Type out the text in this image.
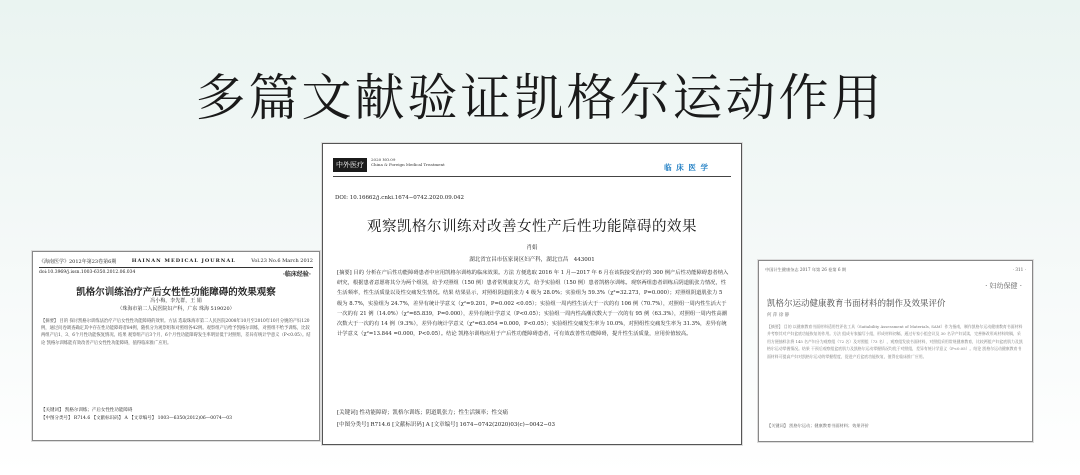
多篇文献验证凯格尔运动作用
《海南医学》2012年第23卷第6期	HAINAN MEDICAL JOURNAL	Vol.23 No.6 March 2012
doi:10.3969/j.issn.1003-6350.2012.06.034	·临床经验·
凯格尔训练治疗产后女性性功能障碍的效果观察
冯小梅，李先群，王 娟
（珠海市第二人民医院妇产科，广东 珠海 519020）
【摘要】 目的 探讨凯格尔训练法治疗产后女性性功能障碍的效果。方法 选取珠海市第二人民医院2008年10月至2010年10月分娩的产妇120例，通过问卷调查确定其中存在性功能障碍者84例，随机分为观察组和对照组各42例。观察组产后给予凯格尔训练，对照组不给予训练，比较两组产后1、3、6个月性功能恢复情况。结果 观察组产后3个月、6个月性功能障碍发生率明显低于对照组，差异有统计学意义（P<0.05）。结论 凯格尔训练能有效改善产后女性性功能障碍，值得临床推广应用。
【关键词】 凯格尔训练；产后女性性功能障碍
【中图分类号】 R714.6 【文献标识码】 A 【文章编号】 1003—6350(2012)06—0074—03
中外医疗
2020 NO.09
China & Foreign Medical Treatment	临 床 医 学
DOI: 10.16662/j.cnki.1674−0742.2020.09.042
观察凯格尔训练对改善女性产后性功能障碍的效果
肖娟
湖北省宜昌市伍家岗区妇产科，湖北宜昌　443001
[摘要] 目的 分析在产后性功能障碍患者中应用凯格尔训练的临床效果。方法 方便选取 2016 年 1 月—2017 年 6 月在该院接受治疗的 300 例产后性功能障碍患者纳入研究，根据患者意愿将其分为两个组别，给予对照组（150 例）患者常规康复方式，给予实验组（150 例）患者凯格尔训练。观察两组患者训练后阴道肌张力情况，性生活频率，性生活质量以及性交痛发生情况。结果 结果显示，对照组阴道肌张力 4 级为 28.0%；实验组为 59.3%（χ²=32.273，P=0.000）；对照组阴道肌张力 5 级为 8.7%，实验组为 24.7%，差异有统计学意义（χ²=9.201，P=0.002 <0.05）；实验组一周内性生活大于一次的有 106 例（70.7%），对照组一周内性生活大于一次的有 21 例（14.0%）（χ²=65.839，P=0.000），差异有统计学意义（P<0.05）；实验组一周内性高潮次数大于一次的有 95 例（63.3%），对照组一周内性高潮次数大于一次的有 14 例（9.3%），差异有统计学意义（χ²=63.054 =0.000，P<0.05）；实验组性交痛发生率为 10.0%，对照组性交痛发生率为 31.3%，差异有统计学意义（χ²=13.844 =0.000，P<0.05）。结论 凯格尔训练应用于产后性功能障碍患者，可有效改善性功能障碍，提升性生活质量，应用价值较高。
[关键词] 性功能障碍；凯格尔训练；阴道肌张力；性生活频率；性交痛
[中图分类号] R714.6 [文献标识码] A [文章编号] 1674−0742(2020)03(c)−0042−03
中国计生健康杂志 2017 年第 26 卷第 6 期	· 311 ·
· 妇幼保健 ·
凯格尔运动健康教育书面材料的制作及效果评价
何 萍 徐 静
【摘要】 目的 以健康教育书面材料适用性评估工具（Suitability Assessment of Materials, SAM）作为指南，制作凯格尔运动健康教育书面材料并考察其对产妇盆底功能恢复的作用。方法 组成专家编写小组，形成材料初稿，通过专家小组会议及 30 名孕产妇试读，完善修改形成材料终稿，采用方便抽样法将 145 名产妇分为观察组（72 名）及对照组（73 名），观察组发放书面材料，对照组采用常规健康教育，比较两组产妇盆底肌力及凯格尔运动掌握情况。结果 干预后观察组盆底肌力及凯格尔运动掌握情况均优于对照组，差异有统计学意义（P<0.05）。结论 凯格尔运动健康教育书面材料可提高产妇对凯格尔运动的掌握程度，促进产后盆底功能恢复，值得在临床推广应用。
【关键词】 凯格尔运动；健康教育书面材料；效果评价
